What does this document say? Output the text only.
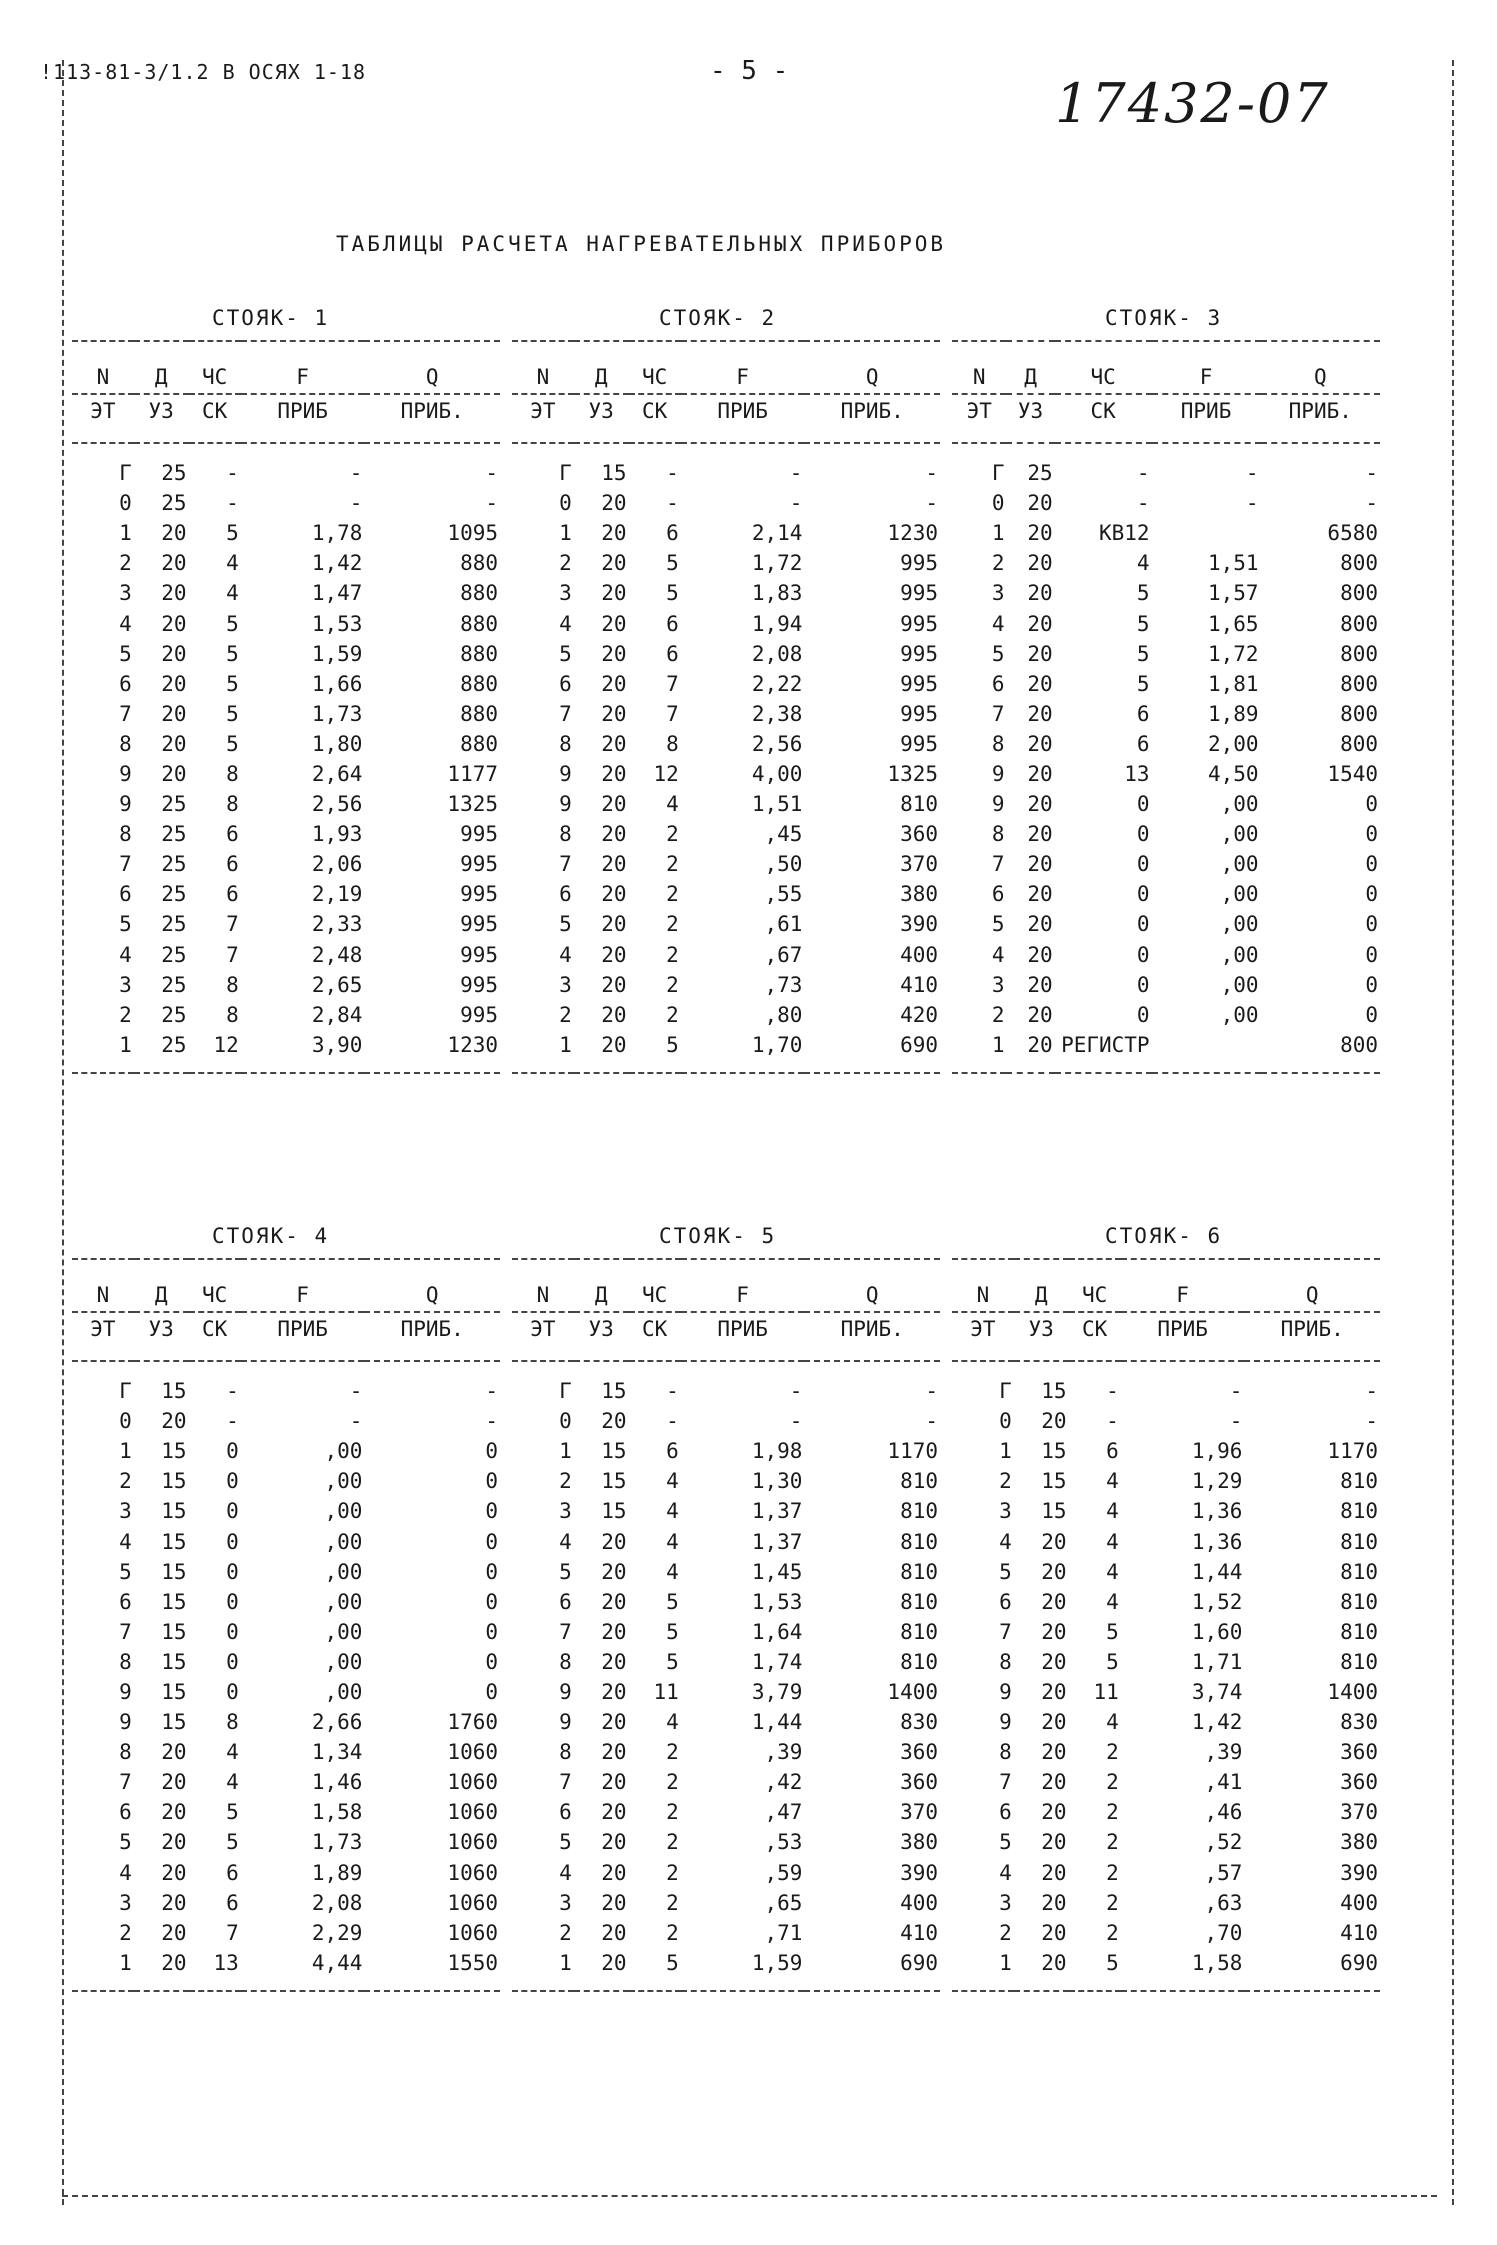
!113-81-3/1.2 В ОСЯХ 1-18	- 5 -
17432-07
ТАБЛИЦЫ РАСЧЕТА НАГРЕВАТЕЛЬНЫХ ПРИБОРОВ
СТОЯК- 1	СТОЯК- 2	СТОЯК- 3
N	Д	ЧС	F	Q
ЭТ	УЗ	СК	ПРИБ	ПРИБ.
Г	25	-	-	-
0	25	-	-	-
1	20	5	1,78	1095
2	20	4	1,42	880
3	20	4	1,47	880
4	20	5	1,53	880
5	20	5	1,59	880
6	20	5	1,66	880
7	20	5	1,73	880
8	20	5	1,80	880
9	20	8	2,64	1177
9	25	8	2,56	1325
8	25	6	1,93	995
7	25	6	2,06	995
6	25	6	2,19	995
5	25	7	2,33	995
4	25	7	2,48	995
3	25	8	2,65	995
2	25	8	2,84	995
1	25	12	3,90	1230
N	Д	ЧС	F	Q
ЭТ	УЗ	СК	ПРИБ	ПРИБ.
Г	15	-	-	-
0	20	-	-	-
1	20	6	2,14	1230
2	20	5	1,72	995
3	20	5	1,83	995
4	20	6	1,94	995
5	20	6	2,08	995
6	20	7	2,22	995
7	20	7	2,38	995
8	20	8	2,56	995
9	20	12	4,00	1325
9	20	4	1,51	810
8	20	2	,45	360
7	20	2	,50	370
6	20	2	,55	380
5	20	2	,61	390
4	20	2	,67	400
3	20	2	,73	410
2	20	2	,80	420
1	20	5	1,70	690
N	Д	ЧС	F	Q
ЭТ	УЗ	СК	ПРИБ	ПРИБ.
Г	25	-	-	-
0	20	-	-	-
1	20	КВ12		6580
2	20	4	1,51	800
3	20	5	1,57	800
4	20	5	1,65	800
5	20	5	1,72	800
6	20	5	1,81	800
7	20	6	1,89	800
8	20	6	2,00	800
9	20	13	4,50	1540
9	20	0	,00	0
8	20	0	,00	0
7	20	0	,00	0
6	20	0	,00	0
5	20	0	,00	0
4	20	0	,00	0
3	20	0	,00	0
2	20	0	,00	0
1	20	РЕГИСТР		800
СТОЯК- 4	СТОЯК- 5	СТОЯК- 6
N	Д	ЧС	F	Q
ЭТ	УЗ	СК	ПРИБ	ПРИБ.
Г	15	-	-	-
0	20	-	-	-
1	15	0	,00	0
2	15	0	,00	0
3	15	0	,00	0
4	15	0	,00	0
5	15	0	,00	0
6	15	0	,00	0
7	15	0	,00	0
8	15	0	,00	0
9	15	0	,00	0
9	15	8	2,66	1760
8	20	4	1,34	1060
7	20	4	1,46	1060
6	20	5	1,58	1060
5	20	5	1,73	1060
4	20	6	1,89	1060
3	20	6	2,08	1060
2	20	7	2,29	1060
1	20	13	4,44	1550
N	Д	ЧС	F	Q
ЭТ	УЗ	СК	ПРИБ	ПРИБ.
Г	15	-	-	-
0	20	-	-	-
1	15	6	1,98	1170
2	15	4	1,30	810
3	15	4	1,37	810
4	20	4	1,37	810
5	20	4	1,45	810
6	20	5	1,53	810
7	20	5	1,64	810
8	20	5	1,74	810
9	20	11	3,79	1400
9	20	4	1,44	830
8	20	2	,39	360
7	20	2	,42	360
6	20	2	,47	370
5	20	2	,53	380
4	20	2	,59	390
3	20	2	,65	400
2	20	2	,71	410
1	20	5	1,59	690
N	Д	ЧС	F	Q
ЭТ	УЗ	СК	ПРИБ	ПРИБ.
Г	15	-	-	-
0	20	-	-	-
1	15	6	1,96	1170
2	15	4	1,29	810
3	15	4	1,36	810
4	20	4	1,36	810
5	20	4	1,44	810
6	20	4	1,52	810
7	20	5	1,60	810
8	20	5	1,71	810
9	20	11	3,74	1400
9	20	4	1,42	830
8	20	2	,39	360
7	20	2	,41	360
6	20	2	,46	370
5	20	2	,52	380
4	20	2	,57	390
3	20	2	,63	400
2	20	2	,70	410
1	20	5	1,58	690
